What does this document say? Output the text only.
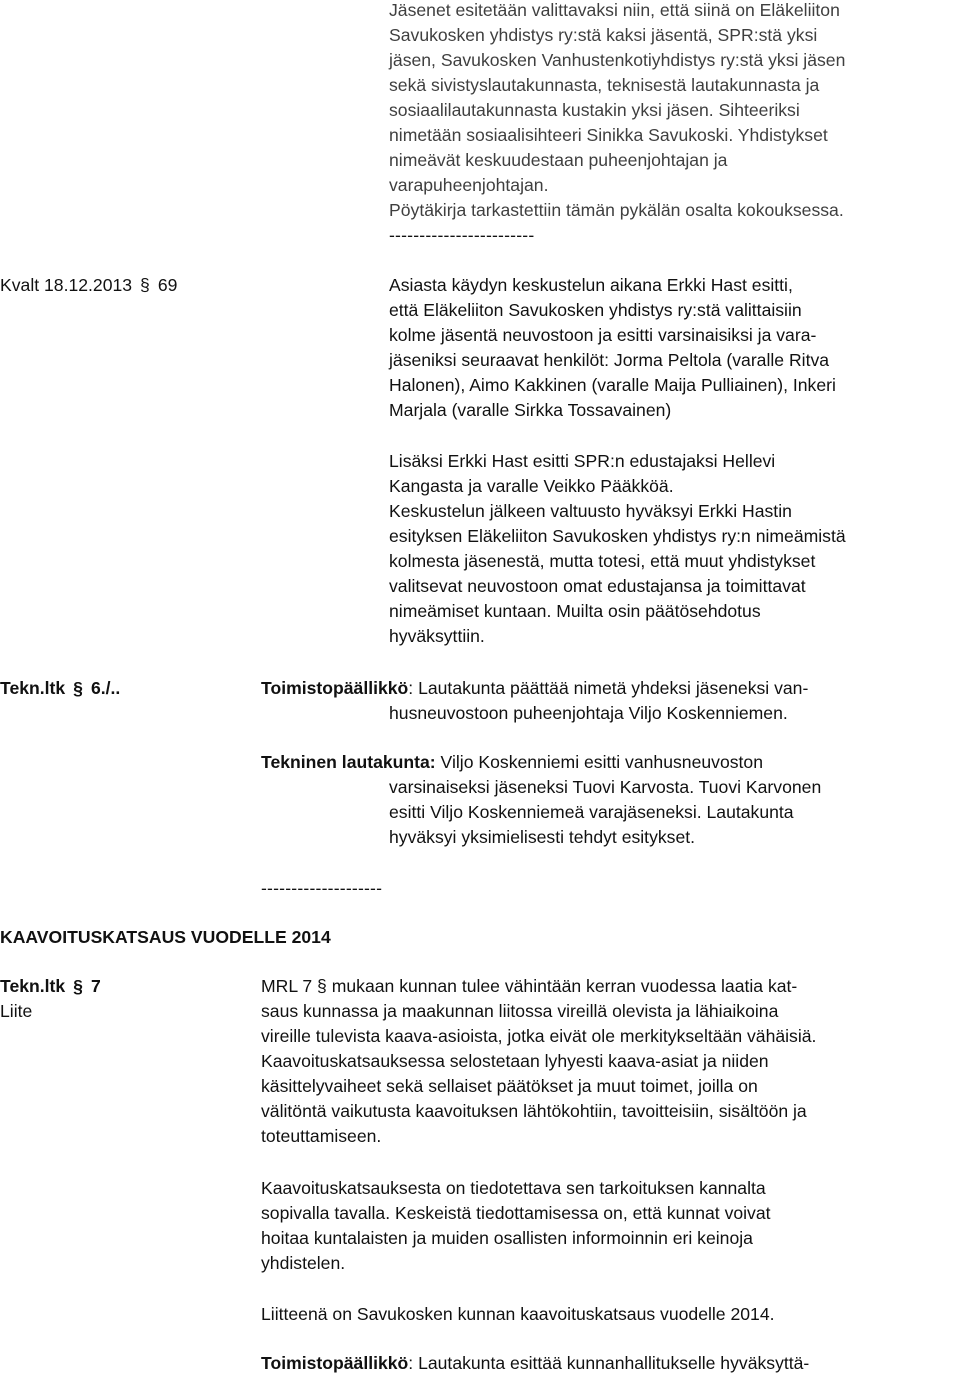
Jäsenet esitetään valittavaksi niin, että siinä on Eläkeliiton
Savukosken yhdistys ry:stä kaksi jäsentä, SPR:stä yksi
jäsen, Savukosken Vanhustenkotiyhdistys ry:stä yksi jäsen
sekä sivistyslautakunnasta, teknisestä lautakunnasta ja
sosiaalilautakunnasta kustakin yksi jäsen. Sihteeriksi
nimetään sosiaalisihteeri Sinikka Savukoski. Yhdistykset
nimeävät keskuudestaan puheenjohtajan ja
varapuheenjohtajan.
Pöytäkirja tarkastettiin tämän pykälän osalta kokouksessa.
------------------------
Kvalt 18.12.2013 § 69	Asiasta käydyn keskustelun aikana Erkki Hast esitti,
että Eläkeliiton Savukosken yhdistys ry:stä valittaisiin
kolme jäsentä neuvostoon ja esitti varsinaisiksi ja vara-
jäseniksi seuraavat henkilöt: Jorma Peltola (varalle Ritva
Halonen), Aimo Kakkinen (varalle Maija Pulliainen), Inkeri
Marjala (varalle Sirkka Tossavainen)
Lisäksi Erkki Hast esitti SPR:n edustajaksi Hellevi
Kangasta ja varalle Veikko Pääkköä.
Keskustelun jälkeen valtuusto hyväksyi Erkki Hastin
esityksen Eläkeliiton Savukosken yhdistys ry:n nimeämistä
kolmesta jäsenestä, mutta totesi, että muut yhdistykset
valitsevat neuvostoon omat edustajansa ja toimittavat
nimeämiset kuntaan. Muilta osin päätösehdotus
hyväksyttiin.
Tekn.ltk § 6./..	Toimistopäällikkö: Lautakunta päättää nimetä yhdeksi jäseneksi van-
husneuvostoon puheenjohtaja Viljo Koskenniemen.
Tekninen lautakunta: Viljo Koskenniemi esitti vanhusneuvoston
varsinaiseksi jäseneksi Tuovi Karvosta. Tuovi Karvonen
esitti Viljo Koskenniemeä varajäseneksi. Lautakunta
hyväksyi yksimielisesti tehdyt esitykset.
--------------------
KAAVOITUSKATSAUS VUODELLE 2014
Tekn.ltk § 7
Liite
MRL 7 § mukaan kunnan tulee vähintään kerran vuodessa laatia kat-
saus kunnassa ja maakunnan liitossa vireillä olevista ja lähiaikoina
vireille tulevista kaava-asioista, jotka eivät ole merkitykseltään vähäisiä.
Kaavoituskatsauksessa selostetaan lyhyesti kaava-asiat ja niiden
käsittelyvaiheet sekä sellaiset päätökset ja muut toimet, joilla on
välitöntä vaikutusta kaavoituksen lähtökohtiin, tavoitteisiin, sisältöön ja
toteuttamiseen.
Kaavoituskatsauksesta on tiedotettava sen tarkoituksen kannalta
sopivalla tavalla. Keskeistä tiedottamisessa on, että kunnat voivat
hoitaa kuntalaisten ja muiden osallisten informoinnin eri keinoja
yhdistelen.
Liitteenä on Savukosken kunnan kaavoituskatsaus vuodelle 2014.
Toimistopäällikkö: Lautakunta esittää kunnanhallitukselle hyväksyttä-
